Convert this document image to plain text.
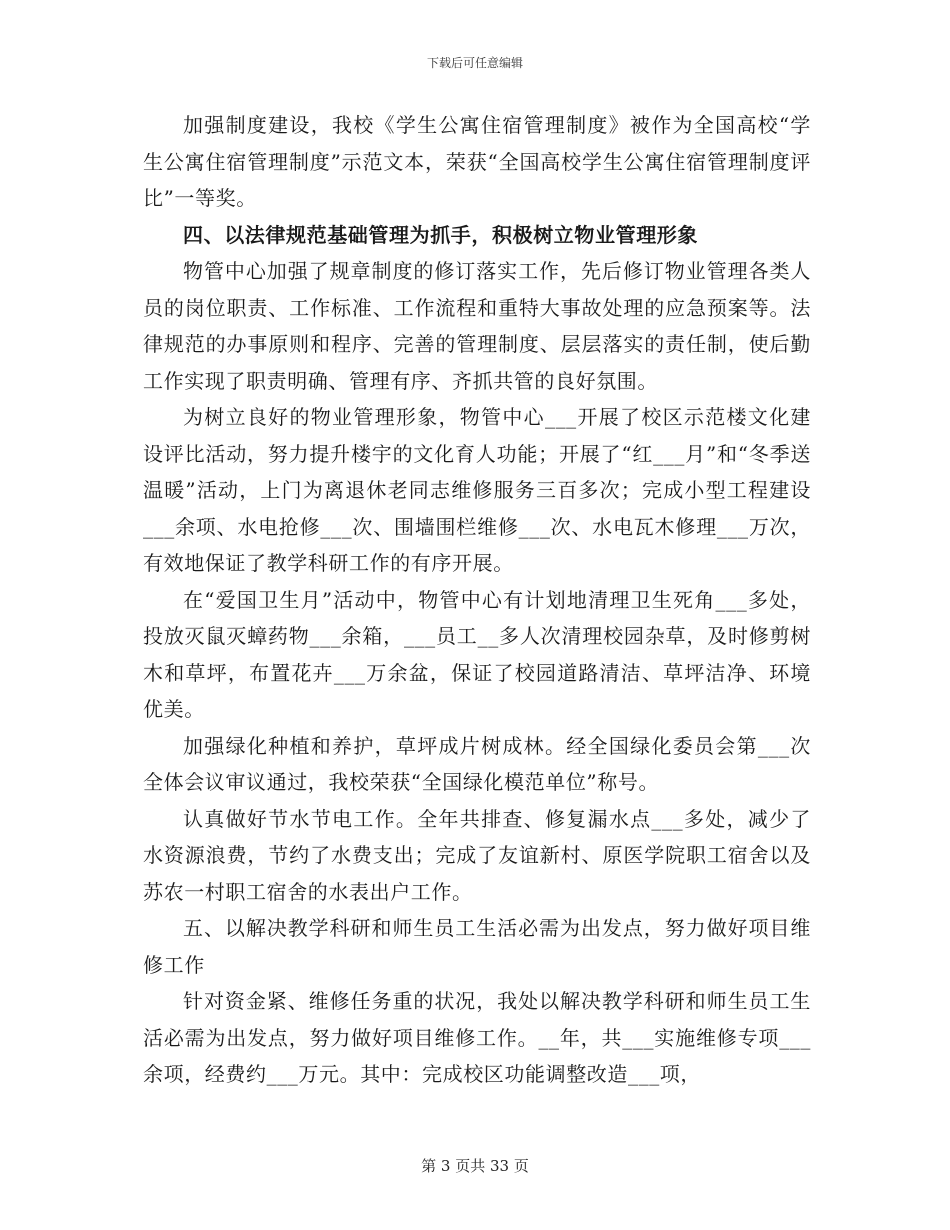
下载后可任意编辑

加强制度建设，我校《学生公寓住宿管理制度》被作为全国高校“学生公寓住宿管理制度”示范文本，荣获“全国高校学生公寓住宿管理制度评比”一等奖。

四、以法律规范基础管理为抓手，积极树立物业管理形象

物管中心加强了规章制度的修订落实工作，先后修订物业管理各类人员的岗位职责、工作标准、工作流程和重特大事故处理的应急预案等。法律规范的办事原则和程序、完善的管理制度、层层落实的责任制，使后勤工作实现了职责明确、管理有序、齐抓共管的良好氛围。

为树立良好的物业管理形象，物管中心___开展了校区示范楼文化建设评比活动，努力提升楼宇的文化育人功能；开展了“红___月”和“冬季送温暖”活动，上门为离退休老同志维修服务三百多次；完成小型工程建设___余项、水电抢修___次、围墙围栏维修___次、水电瓦木修理___万次，有效地保证了教学科研工作的有序开展。

在“爱国卫生月”活动中，物管中心有计划地清理卫生死角___多处，投放灭鼠灭蟑药物___余箱，___员工__多人次清理校园杂草，及时修剪树木和草坪，布置花卉___万余盆，保证了校园道路清洁、草坪洁净、环境优美。

加强绿化种植和养护，草坪成片树成林。经全国绿化委员会第___次全体会议审议通过，我校荣获“全国绿化模范单位”称号。

认真做好节水节电工作。全年共排查、修复漏水点___多处，减少了水资源浪费，节约了水费支出；完成了友谊新村、原医学院职工宿舍以及苏农一村职工宿舍的水表出户工作。

五、以解决教学科研和师生员工生活必需为出发点，努力做好项目维修工作

针对资金紧、维修任务重的状况，我处以解决教学科研和师生员工生活必需为出发点，努力做好项目维修工作。__年，共___实施维修专项___余项，经费约___万元。其中：完成校区功能调整改造___项，

第 3 页共 33 页
